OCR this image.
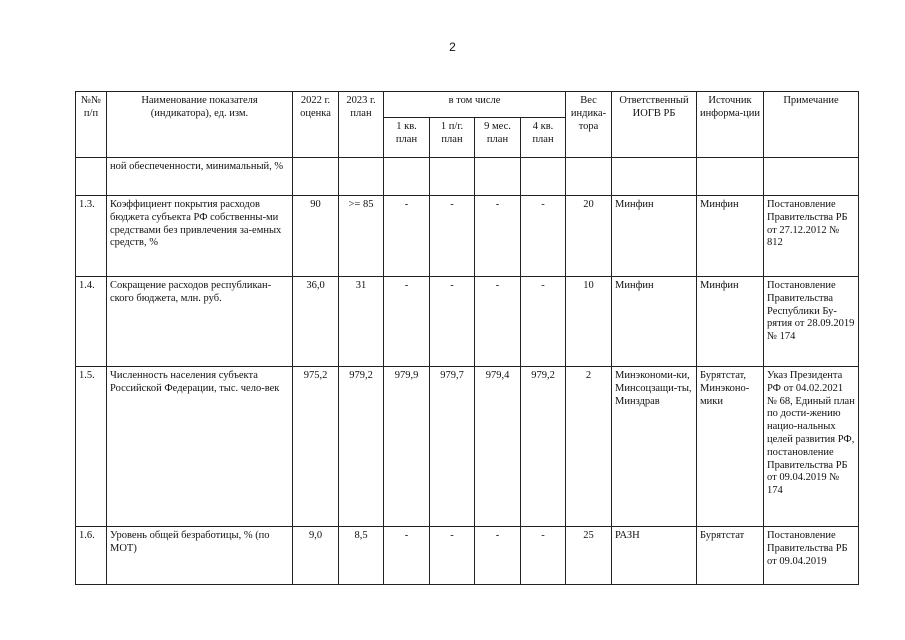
2
№№ п/п	Наименование показателя (индикатора), ед. изм.	2022 г. оценка	2023 г. план	в том числе				Вес индика-тора	Ответственный ИОГВ РБ	Источник информа-ции	Примечание
				1 кв. план	1 п/г. план	9 мес. план	4 кв. план				
	ной обеспеченности, минимальный, %										
1.3.	Коэффициент покрытия расходов бюджета субъекта РФ собственны-ми средствами без привлечения за-емных средств, %	90	>= 85	-	-	-	-	20	Минфин	Минфин	Постановление Правительства РБ от 27.12.2012 № 812
1.4.	Сокращение расходов республикан-ского бюджета, млн. руб.	36,0	31	-	-	-	-	10	Минфин	Минфин	Постановление Правительства Республики Бу-рятия от 28.09.2019 № 174
1.5.	Численность населения субъекта Российской Федерации, тыс. чело-век	975,2	979,2	979,9	979,7	979,4	979,2	2	Минэкономи-ки, Минсоцзащи-ты, Минздрав	Бурятстат, Минэконо-мики	Указ Президента РФ от 04.02.2021 № 68, Единый план по дости-жению нацио-нальных целей развития РФ, постановление Правительства РБ от 09.04.2019 № 174
1.6.	Уровень общей безработицы, % (по МОТ)	9,0	8,5	-	-	-	-	25	РАЗН	Бурятстат	Постановление Правительства РБ от 09.04.2019
